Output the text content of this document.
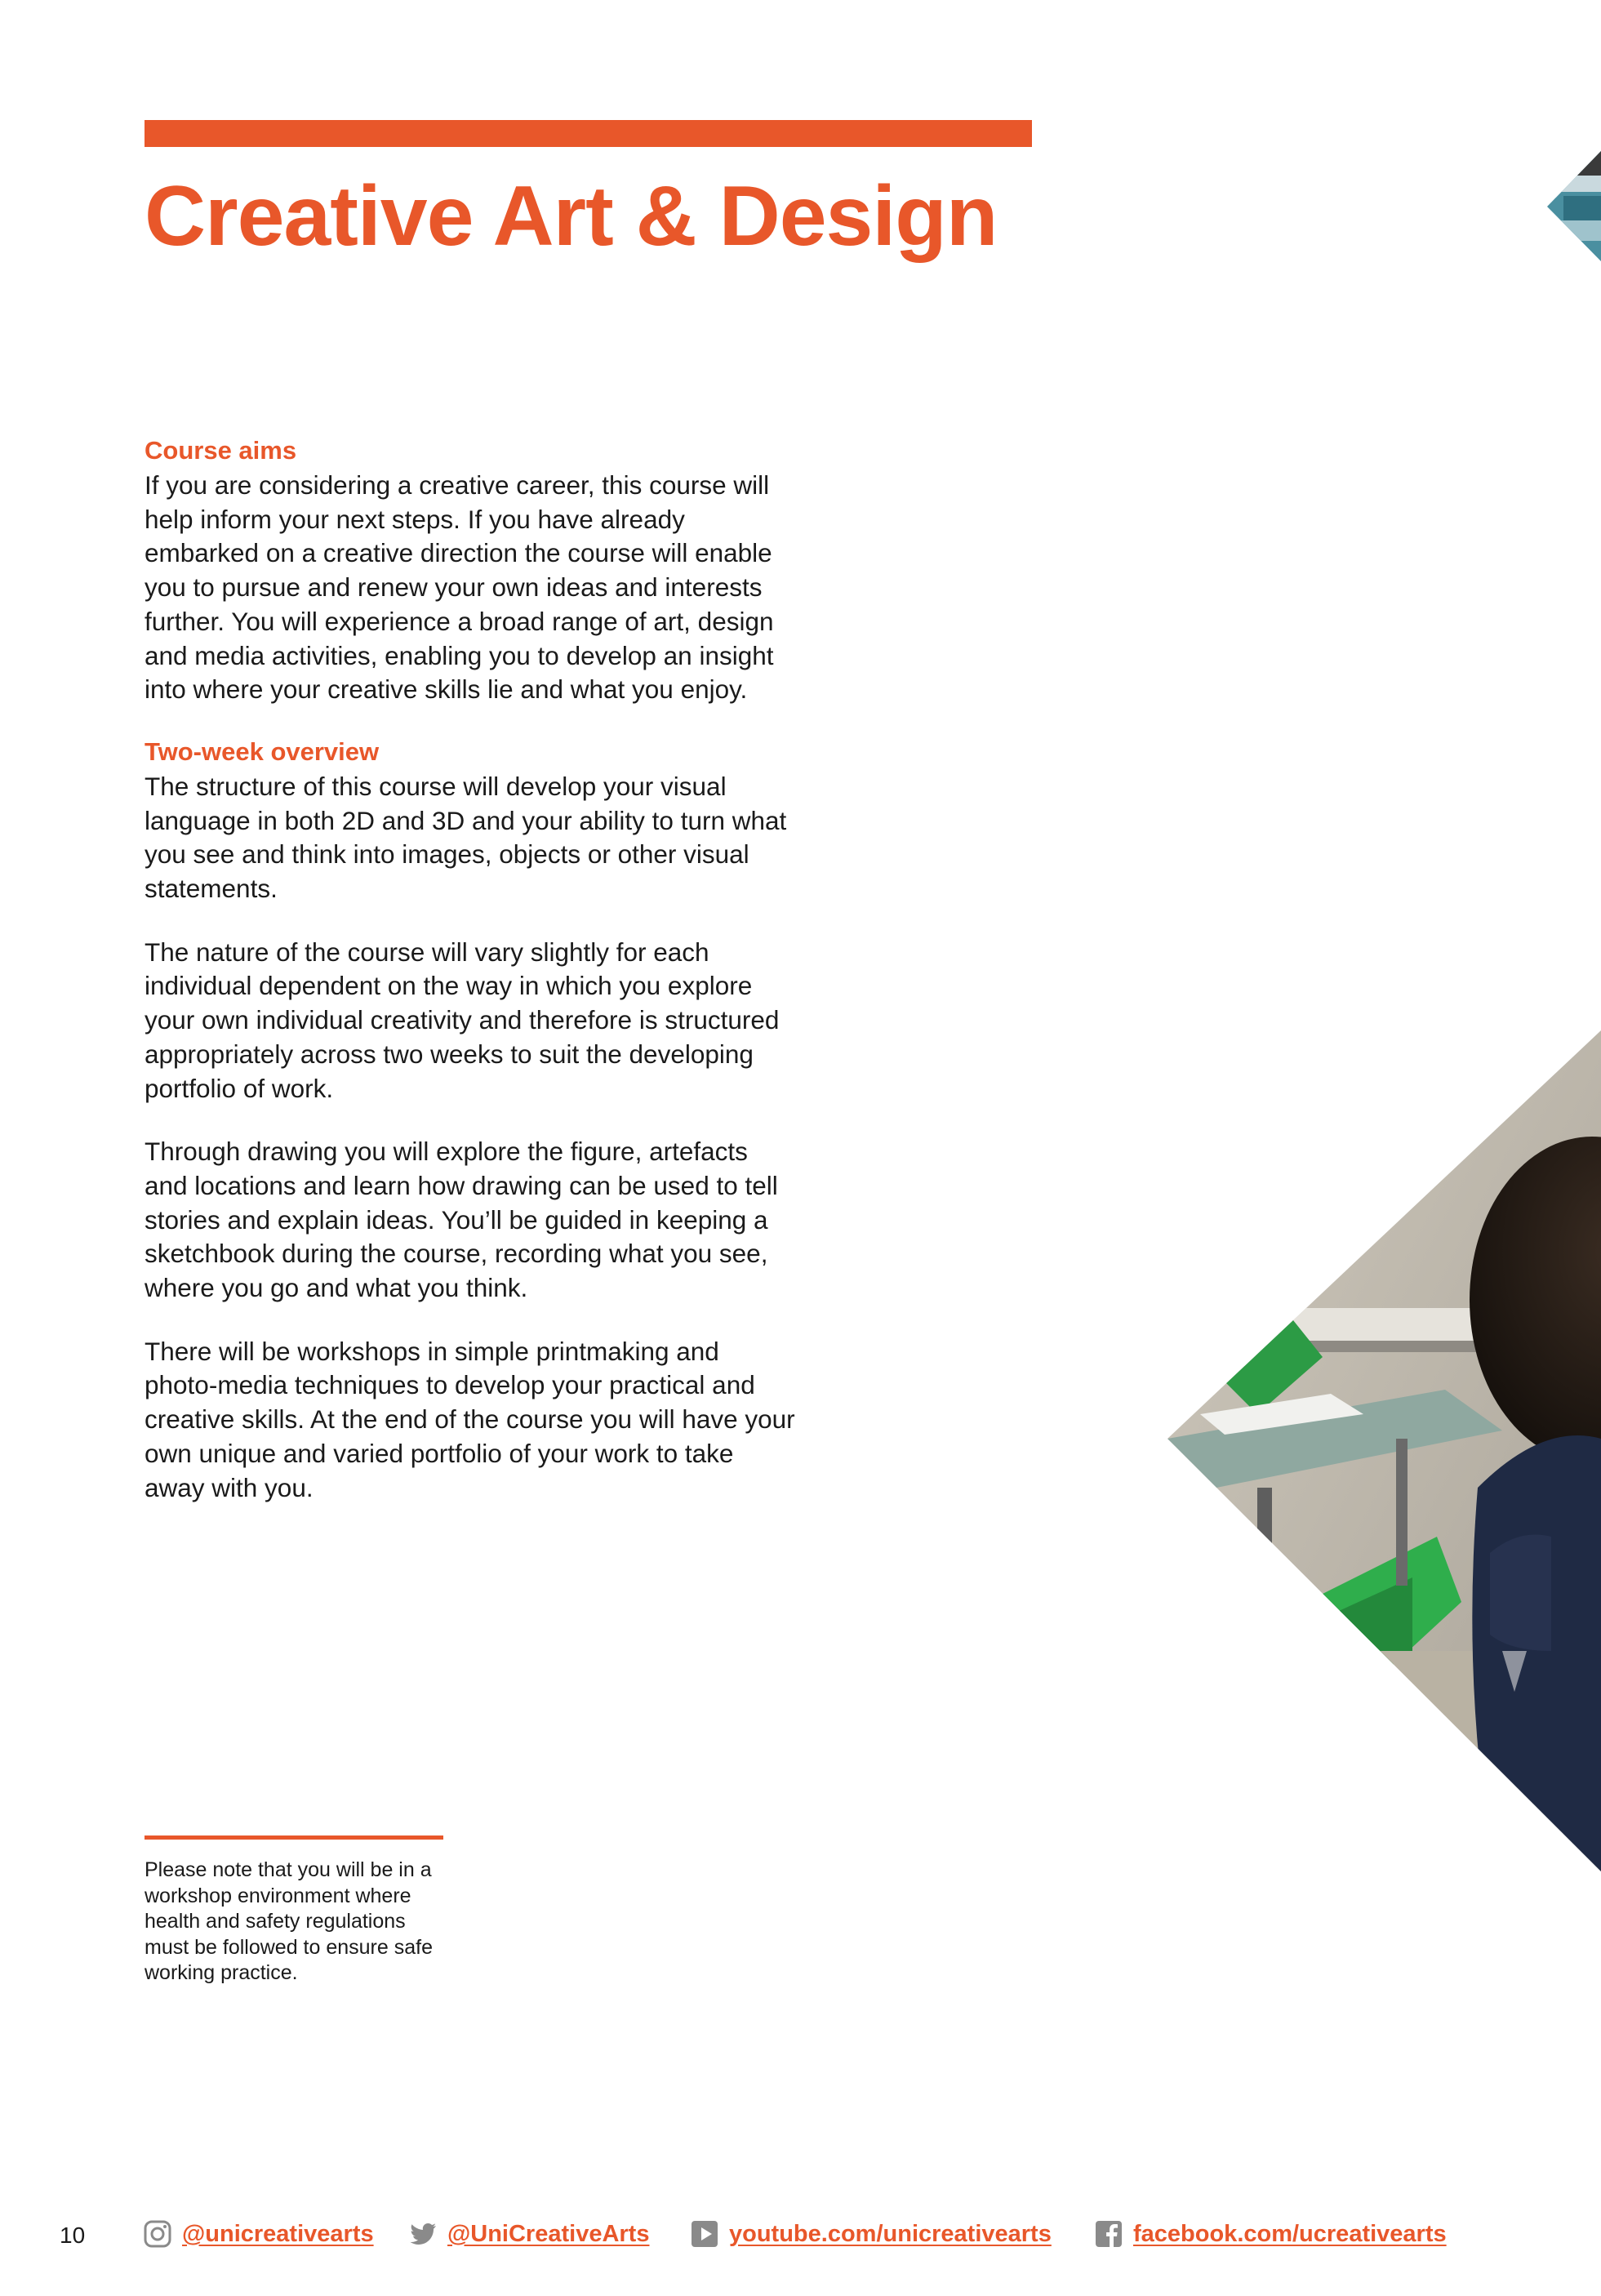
Creative Art & Design
Course aims

If you are considering a creative career, this course will help inform your next steps. If you have already embarked on a creative direction the course will enable you to pursue and renew your own ideas and interests further. You will experience a broad range of art, design and media activities, enabling you to develop an insight into where your creative skills lie and what you enjoy.

Two-week overview

The structure of this course will develop your visual language in both 2D and 3D and your ability to turn what you see and think into images, objects or other visual statements.

The nature of the course will vary slightly for each individual dependent on the way in which you explore your own individual creativity and therefore is structured appropriately across two weeks to suit the developing portfolio of work.

Through drawing you will explore the figure, artefacts and locations and learn how drawing can be used to tell stories and explain ideas. You’ll be guided in keeping a sketchbook during the course, recording what you see, where you go and what you think.

There will be workshops in simple printmaking and photo-media techniques to develop your practical and creative skills. At the end of the course you will have your own unique and varied portfolio of your work to take away with you.

Please note that you will be in a workshop environment where health and safety regulations must be followed to ensure safe working practice.

10	@unicreativearts	@UniCreativeArts	youtube.com/unicreativearts	facebook.com/ucreativearts
